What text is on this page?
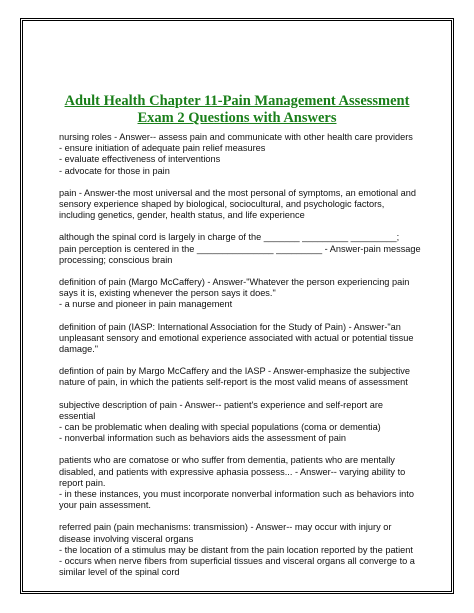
Adult Health Chapter 11-Pain Management Assessment
Exam 2 Questions with Answers
nursing roles - Answer-- assess pain and communicate with other health care providers
- ensure initiation of adequate pain relief measures
- evaluate effectiveness of interventions
- advocate for those in pain
pain - Answer-the most universal and the most personal of symptoms, an emotional and
sensory experience shaped by biological, sociocultural, and psychologic factors,
including genetics, gender, health status, and life experience
although the spinal cord is largely in charge of the _______ _________ _________;
pain perception is centered in the _______________ _________ - Answer-pain message
processing; conscious brain
definition of pain (Margo McCaffery) - Answer-"Whatever the person experiencing pain
says it is, existing whenever the person says it does."
- a nurse and pioneer in pain management
definition of pain (IASP: International Association for the Study of Pain) - Answer-"an
unpleasant sensory and emotional experience associated with actual or potential tissue
damage."
defintion of pain by Margo McCaffery and the IASP - Answer-emphasize the subjective
nature of pain, in which the patients self-report is the most valid means of assessment
subjective description of pain - Answer-- patient's experience and self-report are
essential
- can be problematic when dealing with special populations (coma or dementia)
- nonverbal information such as behaviors aids the assessment of pain
patients who are comatose or who suffer from dementia, patients who are mentally
disabled, and patients with expressive aphasia possess... - Answer-- varying ability to
report pain.
- in these instances, you must incorporate nonverbal information such as behaviors into
your pain assessment.
referred pain (pain mechanisms: transmission) - Answer-- may occur with injury or
disease involving visceral organs
- the location of a stimulus may be distant from the pain location reported by the patient
- occurs when nerve fibers from superficial tissues and visceral organs all converge to a
similar level of the spinal cord
